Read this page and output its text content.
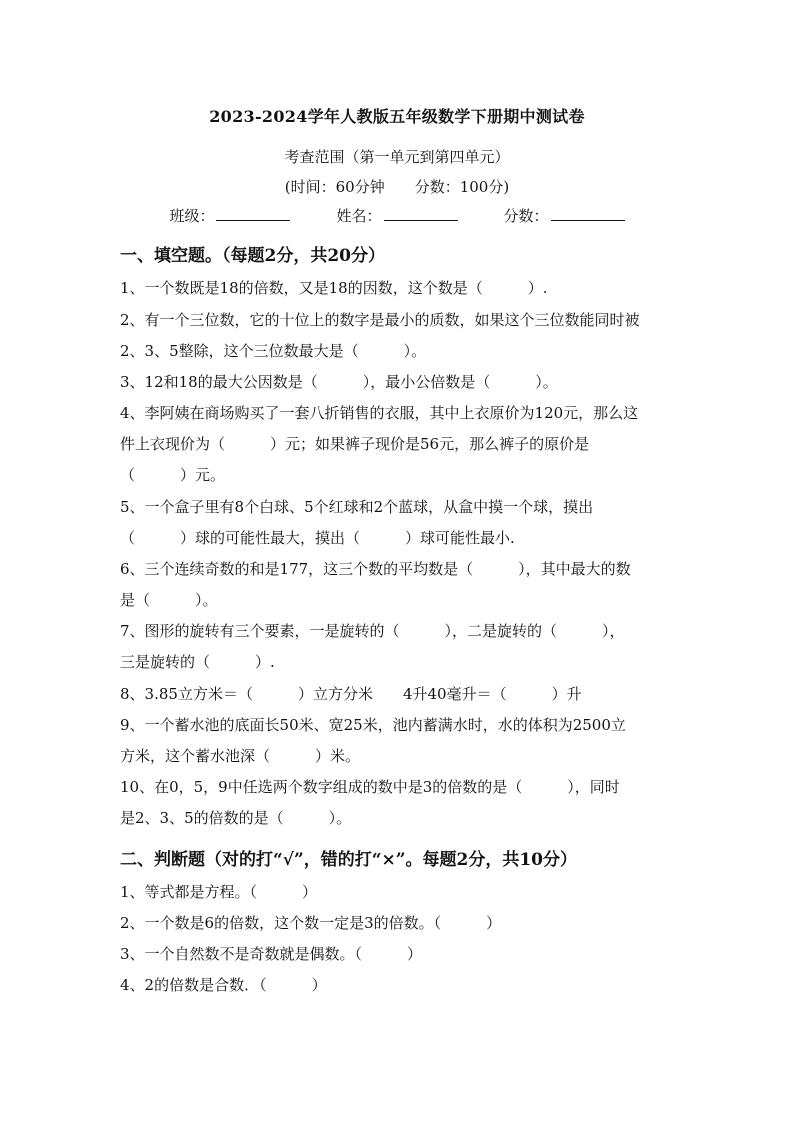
2023-2024学年人教版五年级数学下册期中测试卷
考查范围（第一单元到第四单元）
(时间：60分钟　　分数：100分)
班级：	姓名：	分数：
一、填空题。（每题2分，共20分）
1、一个数既是18的倍数，又是18的因数，这个数是（　　　）.
2、有一个三位数，它的十位上的数字是最小的质数，如果这个三位数能同时被
2、3、5整除，这个三位数最大是（　　　）。
3、12和18的最大公因数是（　　　），最小公倍数是（　　　）。
4、李阿姨在商场购买了一套八折销售的衣服，其中上衣原价为120元，那么这
件上衣现价为（　　　）元；如果裤子现价是56元，那么裤子的原价是
（　　　）元。
5、一个盒子里有8个白球、5个红球和2个蓝球，从盒中摸一个球，摸出
（　　　）球的可能性最大，摸出（　　　）球可能性最小.
6、三个连续奇数的和是177，这三个数的平均数是（　　　），其中最大的数
是（　　　）。
7、图形的旋转有三个要素，一是旋转的（　　　），二是旋转的（　　　），
三是旋转的（　　　）.
8、3.85立方米＝（　　　）立方分米　　4升40毫升＝（　　　）升
9、一个蓄水池的底面长50米、宽25米，池内蓄满水时，水的体积为2500立
方米，这个蓄水池深（　　　）米。
10、在0，5，9中任选两个数字组成的数中是3的倍数的是（　　　），同时
是2、3、5的倍数的是（　　　）。
二、判断题（对的打“√”，错的打“×”。每题2分，共10分）
1、等式都是方程。（　　　）
2、一个数是6的倍数，这个数一定是3的倍数。（　　　）
3、一个自然数不是奇数就是偶数。（　　　）
4、2的倍数是合数．（　　　）
